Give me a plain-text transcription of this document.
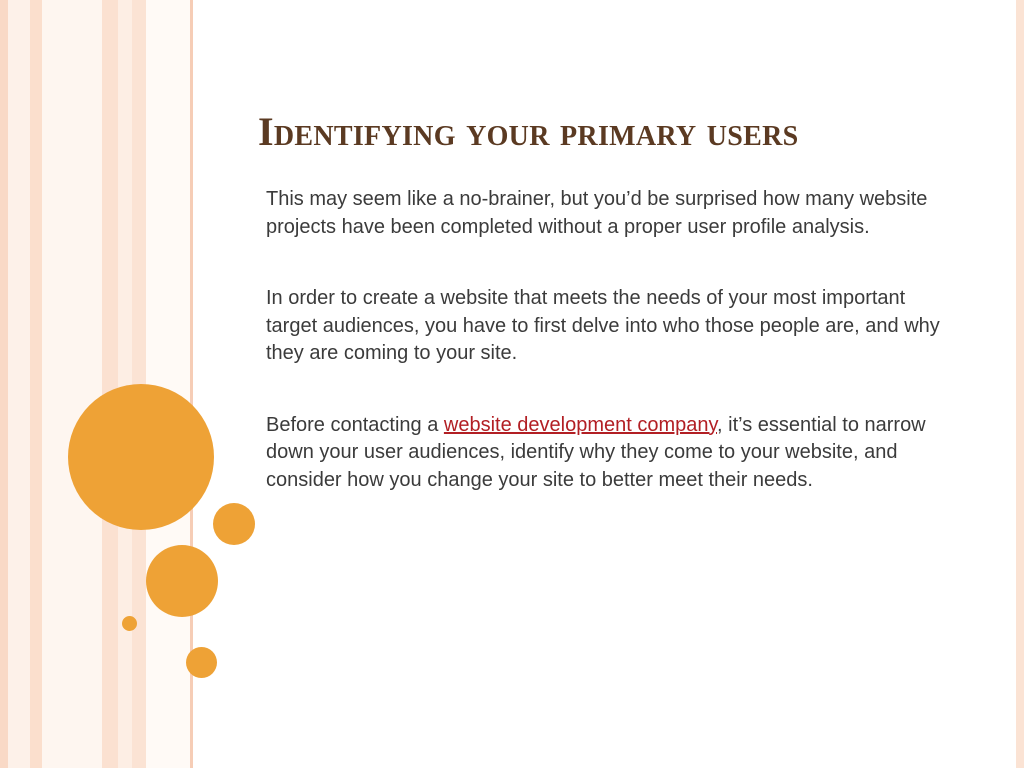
Identifying your primary users

This may seem like a no-brainer, but you’d be surprised how many website projects have been completed without a proper user profile analysis.

In order to create a website that meets the needs of your most important target audiences, you have to first delve into who those people are, and why they are coming to your site.

Before contacting a website development company, it’s essential to narrow down your user audiences, identify why they come to your website, and consider how you change your site to better meet their needs.
